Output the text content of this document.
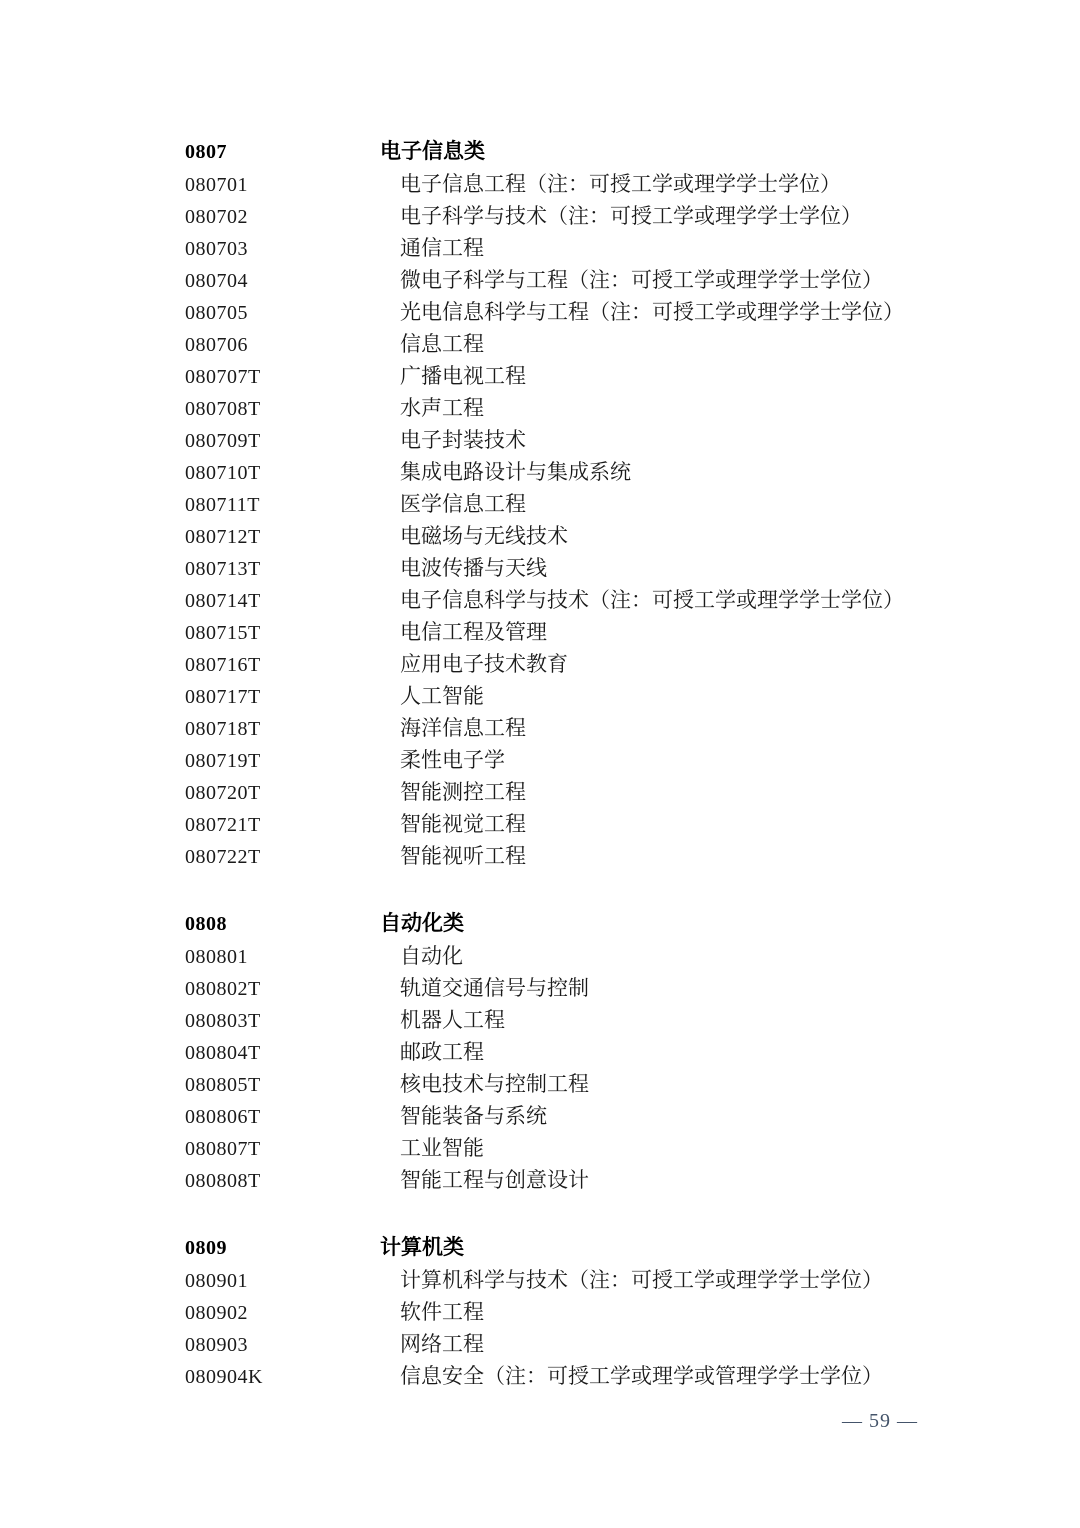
0807	电子信息类
080701	电子信息工程（注：可授工学或理学学士学位）
080702	电子科学与技术（注：可授工学或理学学士学位）
080703	通信工程
080704	微电子科学与工程（注：可授工学或理学学士学位）
080705	光电信息科学与工程（注：可授工学或理学学士学位）
080706	信息工程
080707T	广播电视工程
080708T	水声工程
080709T	电子封装技术
080710T	集成电路设计与集成系统
080711T	医学信息工程
080712T	电磁场与无线技术
080713T	电波传播与天线
080714T	电子信息科学与技术（注：可授工学或理学学士学位）
080715T	电信工程及管理
080716T	应用电子技术教育
080717T	人工智能
080718T	海洋信息工程
080719T	柔性电子学
080720T	智能测控工程
080721T	智能视觉工程
080722T	智能视听工程
0808	自动化类
080801	自动化
080802T	轨道交通信号与控制
080803T	机器人工程
080804T	邮政工程
080805T	核电技术与控制工程
080806T	智能装备与系统
080807T	工业智能
080808T	智能工程与创意设计
0809	计算机类
080901	计算机科学与技术（注：可授工学或理学学士学位）
080902	软件工程
080903	网络工程
080904K	信息安全（注：可授工学或理学或管理学学士学位）
— 59 —
